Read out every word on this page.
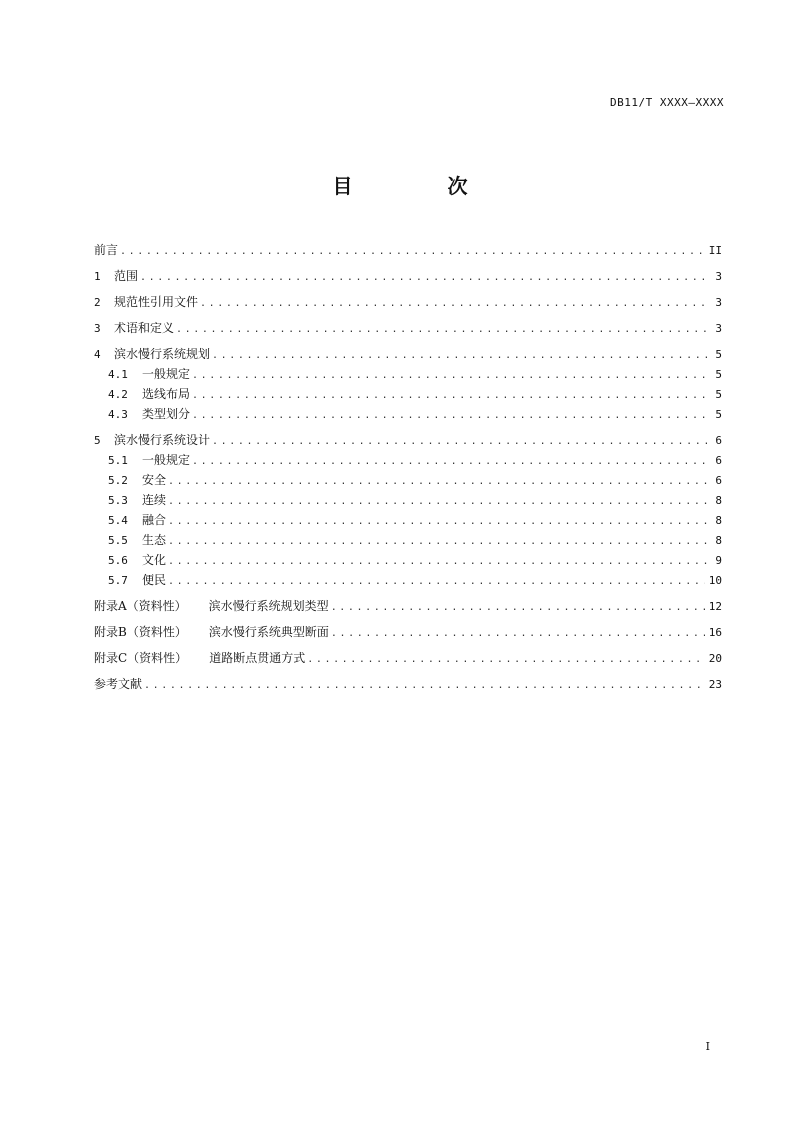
DB11/T XXXX—XXXX
目 次
前言 .....	II
1	范围 .....	3
2	规范性引用文件 .....	3
3	术语和定义 .....	3
4	滨水慢行系统规划 .....	5
4.1	一般规定 .....	5
4.2	选线布局 .....	5
4.3	类型划分 .....	5
5	滨水慢行系统设计 .....	6
5.1	一般规定 .....	6
5.2	安全 .....	6
5.3	连续 .....	8
5.4	融合 .....	8
5.5	生态 .....	8
5.6	文化 .....	9
5.7	便民 .....	10
附录A（资料性） 滨水慢行系统规划类型 .....	12
附录B（资料性） 滨水慢行系统典型断面 .....	16
附录C（资料性） 道路断点贯通方式 .....	20
参考文献 .....	23
I
